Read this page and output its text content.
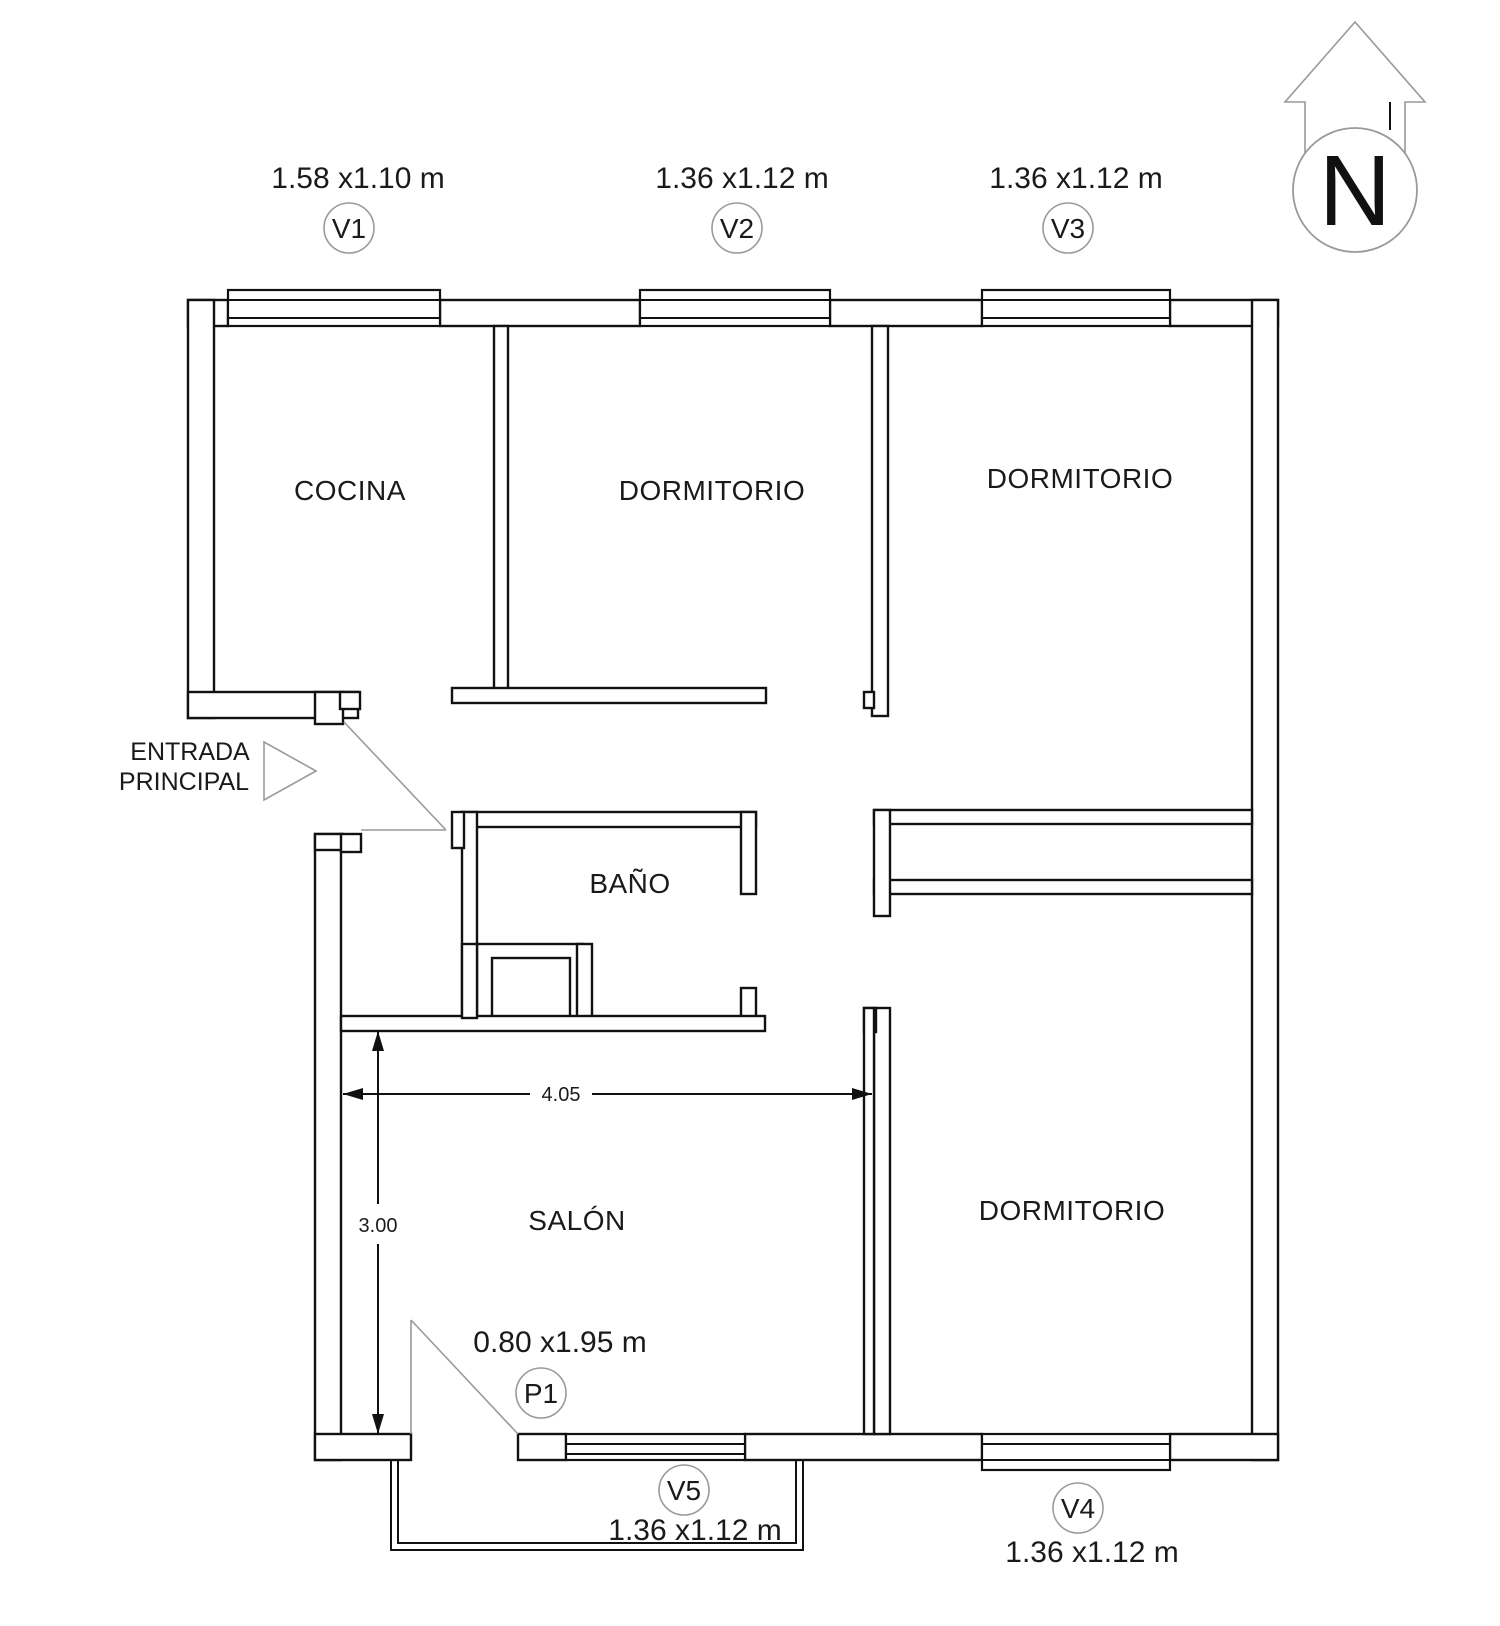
N
1.58 x1.10 m
V1
1.36 x1.12 m
V2
1.36 x1.12 m
V3
ENTRADA
PRINCIPAL
COCINA	DORMITORIO	DORMITORIO
BAÑO
SALÓN	DORMITORIO
4.05
3.00
0.80 x1.95 m
P1
V5
1.36 x1.12 m
V4
1.36 x1.12 m
